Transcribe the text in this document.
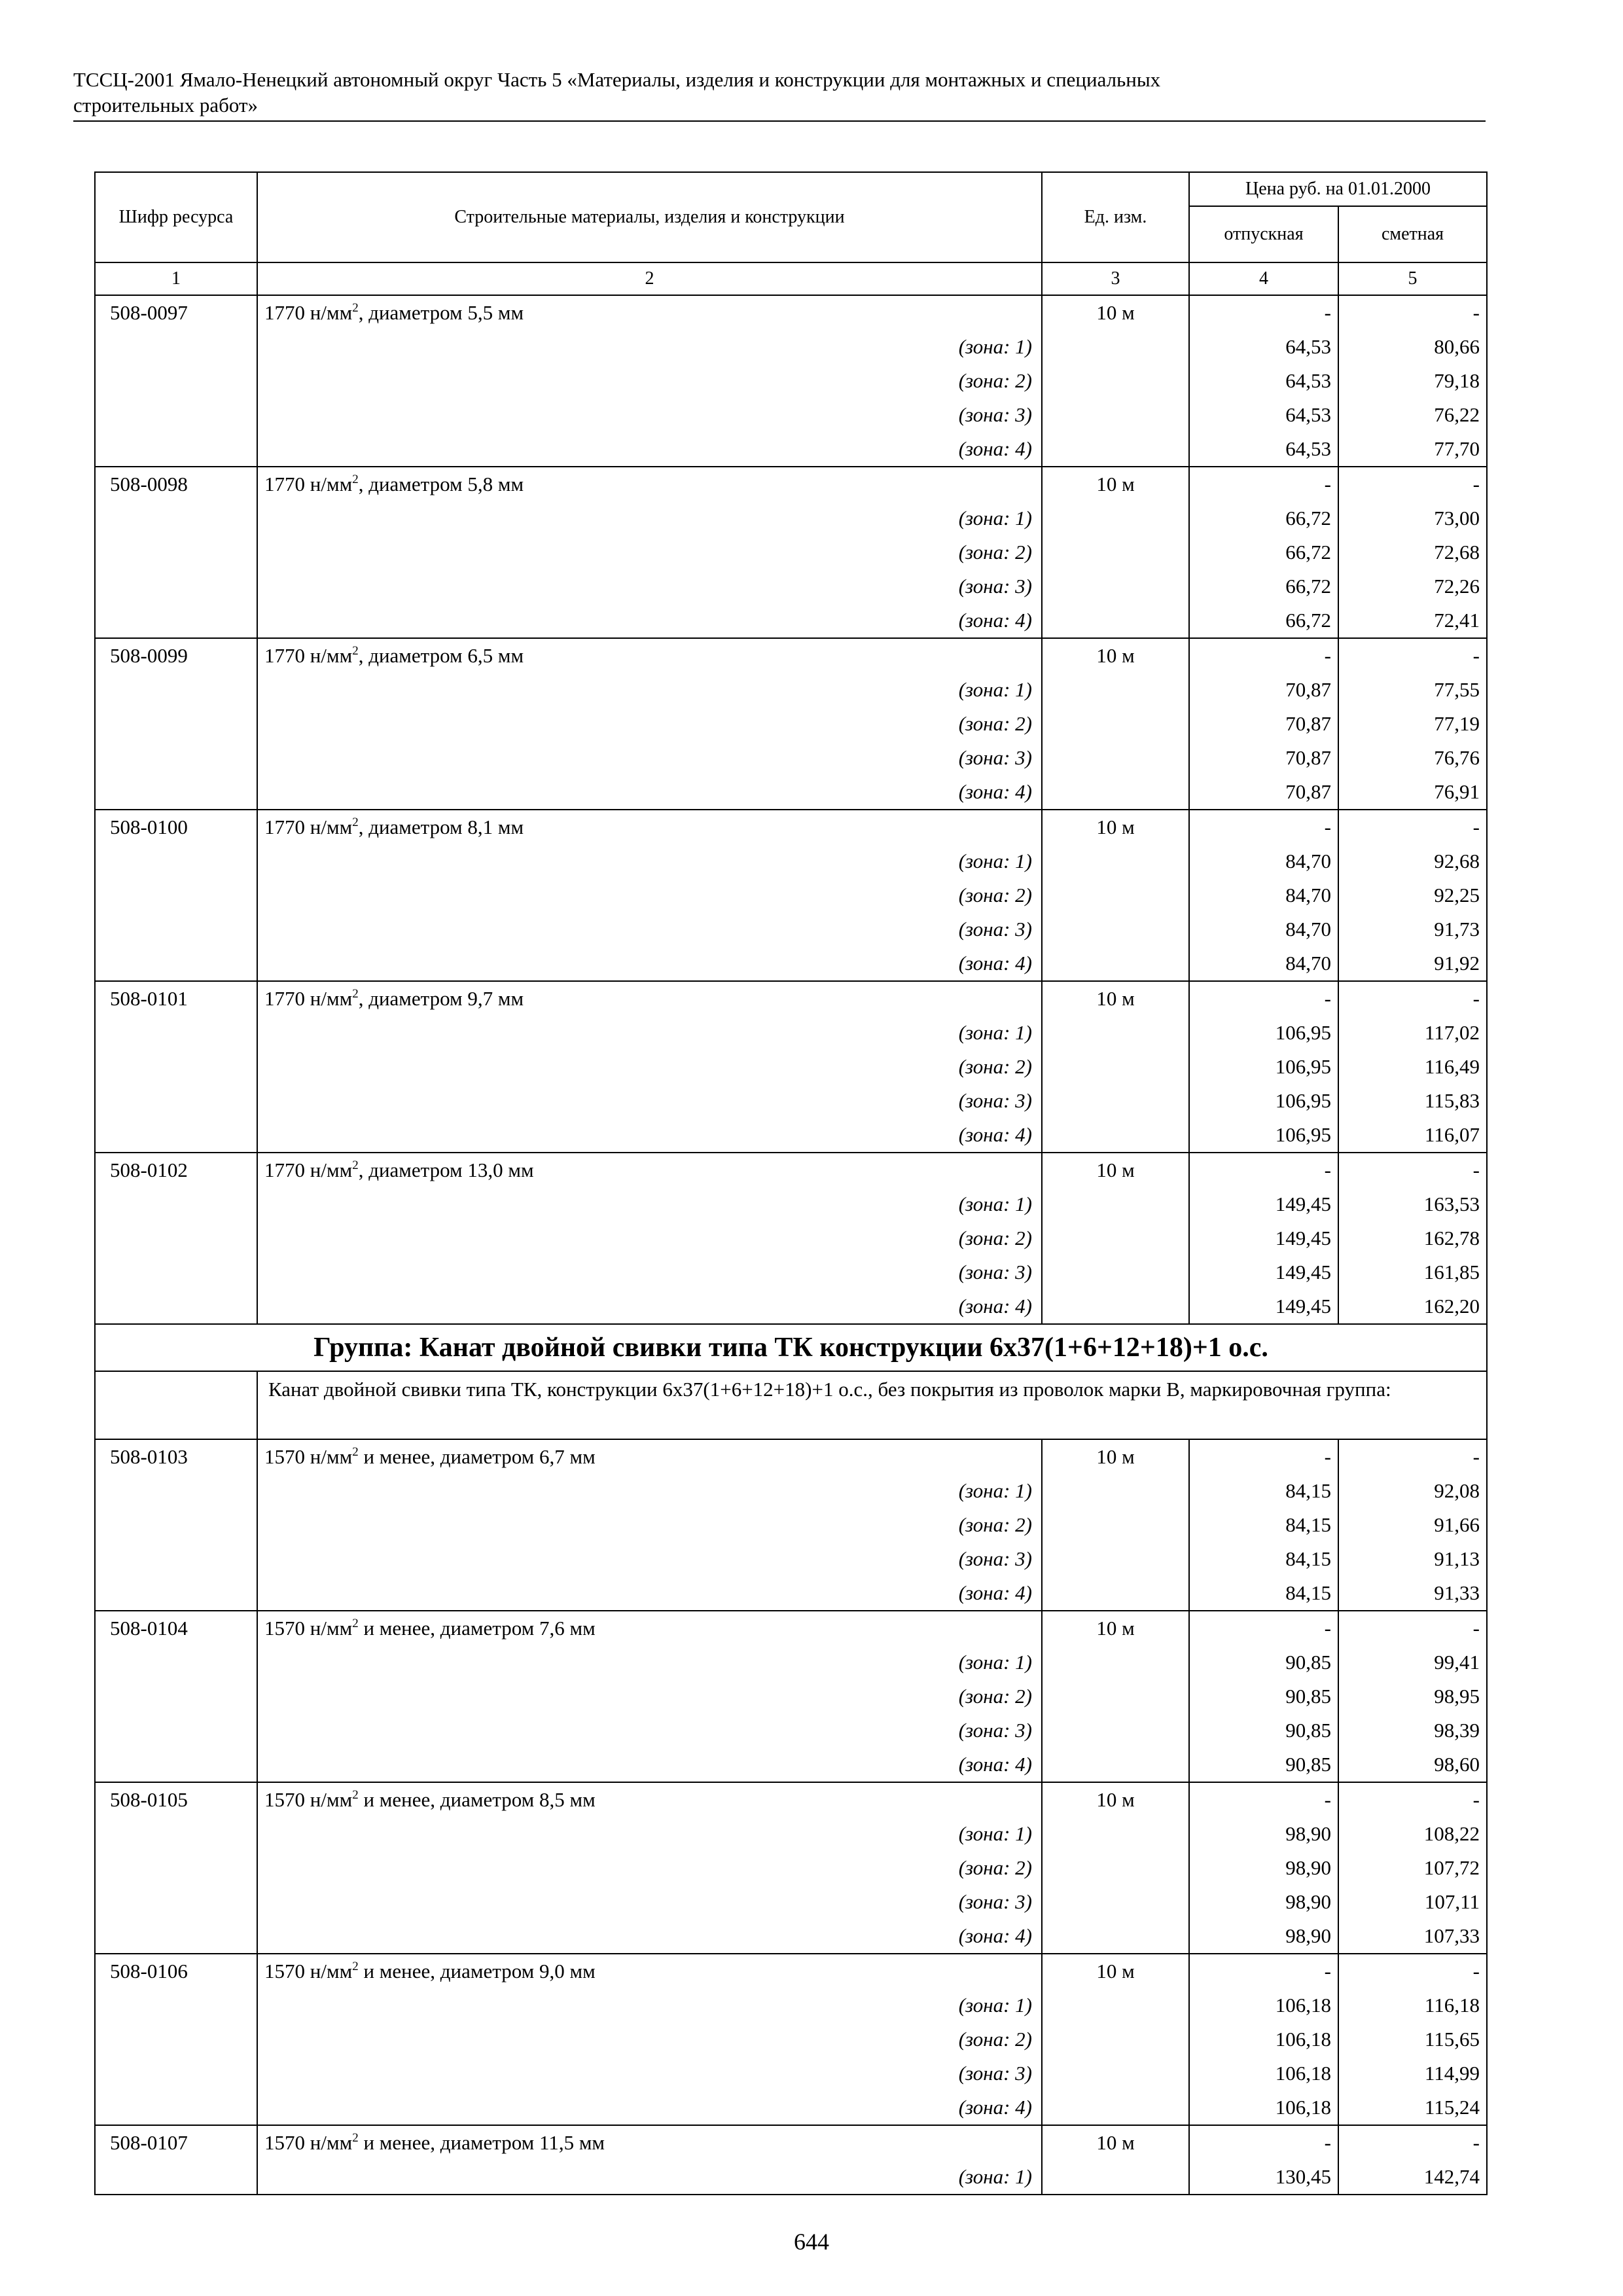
ТССЦ-2001 Ямало-Ненецкий автономный округ Часть 5 «Материалы, изделия и конструкции для монтажных и специальных
строительных работ»
Шифр ресурса	Строительные материалы, изделия и конструкции	Ед. изм.	Цена руб. на 01.01.2000	
			отпускная	сметная
1	2	3	4	5
508-0097	1770 $н/мм^2$, диаметром 5,5 мм	10 м	-	-
	(зона: 1)		64,53	80,66
	(зона: 2)		64,53	79,18
	(зона: 3)		64,53	76,22
	(зона: 4)		64,53	77,70
508-0098	1770 $н/мм^2$, диаметром 5,8 мм	10 м	-	-
	(зона: 1)		66,72	73,00
	(зона: 2)		66,72	72,68
	(зона: 3)		66,72	72,26
	(зона: 4)		66,72	72,41
508-0099	1770 $н/мм^2$, диаметром 6,5 мм	10 м	-	-
	(зона: 1)		70,87	77,55
	(зона: 2)		70,87	77,19
	(зона: 3)		70,87	76,76
	(зона: 4)		70,87	76,91
508-0100	1770 $н/мм^2$, диаметром 8,1 мм	10 м	-	-
	(зона: 1)		84,70	92,68
	(зона: 2)		84,70	92,25
	(зона: 3)		84,70	91,73
	(зона: 4)		84,70	91,92
508-0101	1770 $н/мм^2$, диаметром 9,7 мм	10 м	-	-
	(зона: 1)		106,95	117,02
	(зона: 2)		106,95	116,49
	(зона: 3)		106,95	115,83
	(зона: 4)		106,95	116,07
508-0102	1770 $н/мм^2$, диаметром 13,0 мм	10 м	-	-
	(зона: 1)		149,45	163,53
	(зона: 2)		149,45	162,78
	(зона: 3)		149,45	161,85
	(зона: 4)		149,45	162,20
Группа: Канат двойной свивки типа ТК конструкции 6х37(1+6+12+18)+1 о.с.				
	Канат двойной свивки типа ТК, конструкции 6х37(1+6+12+18)+1 о.с., без покрытия из проволок марки В, маркировочная группа:			
508-0103	1570 $н/мм^2$ и менее, диаметром 6,7 мм	10 м	-	-
	(зона: 1)		84,15	92,08
	(зона: 2)		84,15	91,66
	(зона: 3)		84,15	91,13
	(зона: 4)		84,15	91,33
508-0104	1570 $н/мм^2$ и менее, диаметром 7,6 мм	10 м	-	-
	(зона: 1)		90,85	99,41
	(зона: 2)		90,85	98,95
	(зона: 3)		90,85	98,39
	(зона: 4)		90,85	98,60
508-0105	1570 $н/мм^2$ и менее, диаметром 8,5 мм	10 м	-	-
	(зона: 1)		98,90	108,22
	(зона: 2)		98,90	107,72
	(зона: 3)		98,90	107,11
	(зона: 4)		98,90	107,33
508-0106	1570 $н/мм^2$ и менее, диаметром 9,0 мм	10 м	-	-
	(зона: 1)		106,18	116,18
	(зона: 2)		106,18	115,65
	(зона: 3)		106,18	114,99
	(зона: 4)		106,18	115,24
508-0107	1570 $н/мм^2$ и менее, диаметром 11,5 мм	10 м	-	-
	(зона: 1)		130,45	142,74
644
